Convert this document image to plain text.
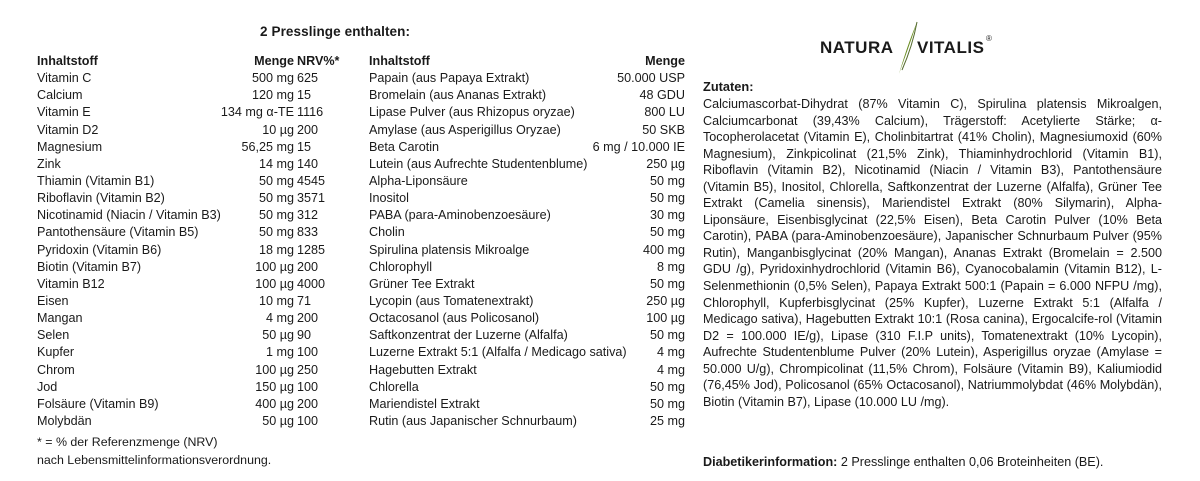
2 Presslinge enthalten:
Inhaltstoff	Menge NRV%*
Vitamin C	500 mg 625
Calcium	120 mg 15
Vitamin E	134 mg α-TE 1116
Vitamin D2	10 µg 200
Magnesium	56,25 mg 15
Zink	14 mg 140
Thiamin (Vitamin B1)	50 mg 4545
Riboflavin (Vitamin B2)	50 mg 3571
Nicotinamid (Niacin / Vitamin B3)	50 mg 312
Pantothensäure (Vitamin B5)	50 mg 833
Pyridoxin (Vitamin B6)	18 mg 1285
Biotin (Vitamin B7)	100 µg 200
Vitamin B12	100 µg 4000
Eisen	10 mg 71
Mangan	4 mg 200
Selen	50 µg 90
Kupfer	1 mg 100
Chrom	100 µg 250
Jod	150 µg 100
Folsäure (Vitamin B9)	400 µg 200
Molybdän	50 µg 100
Inhaltstoff	Menge
Papain (aus Papaya Extrakt)	50.000 USP
Bromelain (aus Ananas Extrakt)	48 GDU
Lipase Pulver (aus Rhizopus oryzae)	800 LU
Amylase (aus Asperigillus Oryzae)	50 SKB
Beta Carotin	6 mg / 10.000 IE
Lutein (aus Aufrechte Studentenblume)	250 µg
Alpha-Liponsäure	50 mg
Inositol	50 mg
PABA (para-Aminobenzoesäure)	30 mg
Cholin	50 mg
Spirulina platensis Mikroalge	400 mg
Chlorophyll	8 mg
Grüner Tee Extrakt	50 mg
Lycopin (aus Tomatenextrakt)	250 µg
Octacosanol (aus Policosanol)	100 µg
Saftkonzentrat der Luzerne (Alfalfa)	50 mg
Luzerne Extrakt 5:1 (Alfalfa / Medicago sativa) 4 mg
Hagebutten Extrakt	4 mg
Chlorella	50 mg
Mariendistel Extrakt	50 mg
Rutin (aus Japanischer Schnurbaum)	25 mg
* = % der Referenzmenge (NRV)
nach Lebensmittelinformationsverordnung.
NATURA VITALIS ®
Zutaten:
Calciumascorbat-Dihydrat (87% Vitamin C), Spirulina platensis Mikroalgen, Calciumcarbonat (39,43% Calcium), Trägerstoff: Acetylierte Stärke; α-Tocopherolacetat (Vitamin E), Cholinbitartrat (41% Cholin), Magnesiumoxid (60% Magnesium), Zinkpicolinat (21,5% Zink), Thiaminhydrochlorid (Vitamin B1), Riboflavin (Vitamin B2), Nicotinamid (Niacin / Vitamin B3), Pantothensäure (Vitamin B5), Inositol, Chlorella, Saftkonzentrat der Luzerne (Alfalfa), Grüner Tee Extrakt (Camelia sinensis), Mariendistel Extrakt (80% Silymarin), Alpha-Liponsäure, Eisenbisglycinat (22,5% Eisen), Beta Carotin Pulver (10% Beta Carotin), PABA (para-Aminobenzoesäure), Japanischer Schnurbaum Pulver (95% Rutin), Manganbisglycinat (20% Mangan), Ananas Extrakt (Bromelain = 2.500 GDU /g), Pyridoxinhydrochlorid (Vitamin B6), Cyanocobalamin (Vitamin B12), L-Selenmethionin (0,5% Selen), Papaya Extrakt 500:1 (Papain = 6.000 NFPU /mg), Chlorophyll, Kupferbisglycinat (25% Kupfer), Luzerne Extrakt 5:1 (Alfalfa / Medicago sativa), Hagebutten Extrakt 10:1 (Rosa canina), Ergocalcife-rol (Vitamin D2 = 100.000 IE/g), Lipase (310 F.I.P units), Tomatenextrakt (10% Lycopin), Aufrechte Studentenblume Pulver (20% Lutein), Asperigillus oryzae (Amylase = 50.000 U/g), Chrompicolinat (11,5% Chrom), Folsäure (Vitamin B9), Kaliumiodid (76,45% Jod), Policosanol (65% Octacosanol), Natriummolybdat (46% Molybdän), Biotin (Vitamin B7), Lipase (10.000 LU /mg).
Diabetikerinformation: 2 Presslinge enthalten 0,06 Broteinheiten (BE).
